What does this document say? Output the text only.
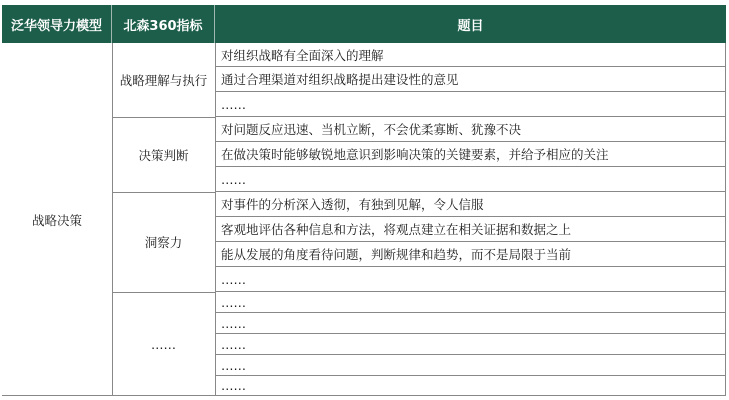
泛华领导力模型	北森360指标	题目
战略决策
战略理解与执行
决策判断
洞察力
……
对组织战略有全面深入的理解
通过合理渠道对组织战略提出建设性的意见
……
对问题反应迅速、当机立断，不会优柔寡断、犹豫不决
在做决策时能够敏锐地意识到影响决策的关键要素，并给予相应的关注
……
对事件的分析深入透彻，有独到见解，令人信服
客观地评估各种信息和方法，将观点建立在相关证据和数据之上
能从发展的角度看待问题，判断规律和趋势，而不是局限于当前
……
……
……
……
……
……
